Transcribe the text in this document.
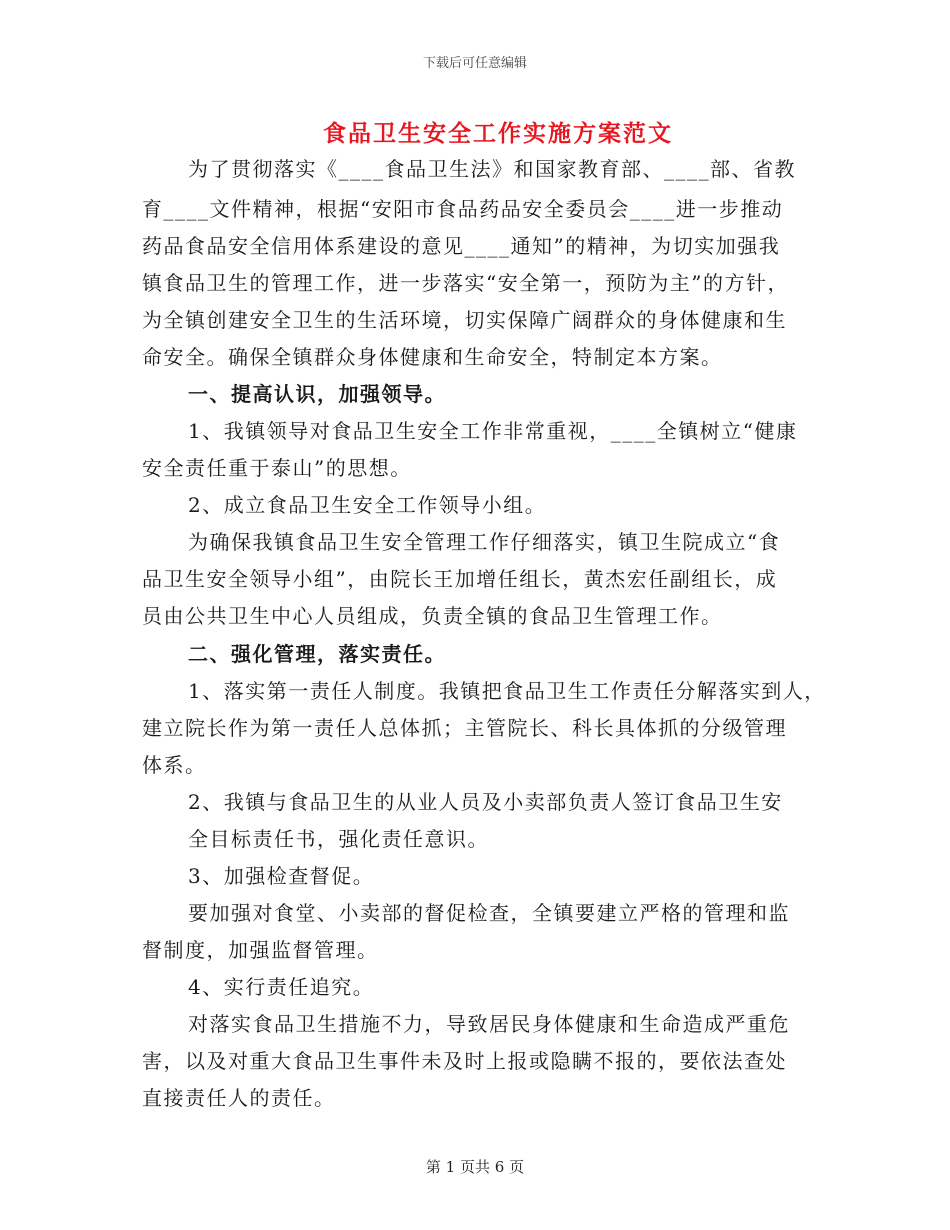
下载后可任意编辑
食品卫生安全工作实施方案范文
为了贯彻落实《____食品卫生法》和国家教育部、____部、省教
育____文件精神，根据“安阳市食品药品安全委员会____进一步推动
药品食品安全信用体系建设的意见____通知”的精神，为切实加强我
镇食品卫生的管理工作，进一步落实“安全第一，预防为主”的方针，
为全镇创建安全卫生的生活环境，切实保障广阔群众的身体健康和生
命安全。确保全镇群众身体健康和生命安全，特制定本方案。
一、提高认识，加强领导。
1、我镇领导对食品卫生安全工作非常重视，____全镇树立“健康
安全责任重于泰山”的思想。
2、成立食品卫生安全工作领导小组。
为确保我镇食品卫生安全管理工作仔细落实，镇卫生院成立“食
品卫生安全领导小组”，由院长王加增任组长，黄杰宏任副组长，成
员由公共卫生中心人员组成，负责全镇的食品卫生管理工作。
二、强化管理，落实责任。
1、落实第一责任人制度。我镇把食品卫生工作责任分解落实到人，
建立院长作为第一责任人总体抓；主管院长、科长具体抓的分级管理
体系。
2、我镇与食品卫生的从业人员及小卖部负责人签订食品卫生安
全目标责任书，强化责任意识。
3、加强检查督促。
要加强对食堂、小卖部的督促检查，全镇要建立严格的管理和监
督制度，加强监督管理。
4、实行责任追究。
对落实食品卫生措施不力，导致居民身体健康和生命造成严重危
害，以及对重大食品卫生事件未及时上报或隐瞒不报的，要依法查处
直接责任人的责任。
第 1 页共 6 页
